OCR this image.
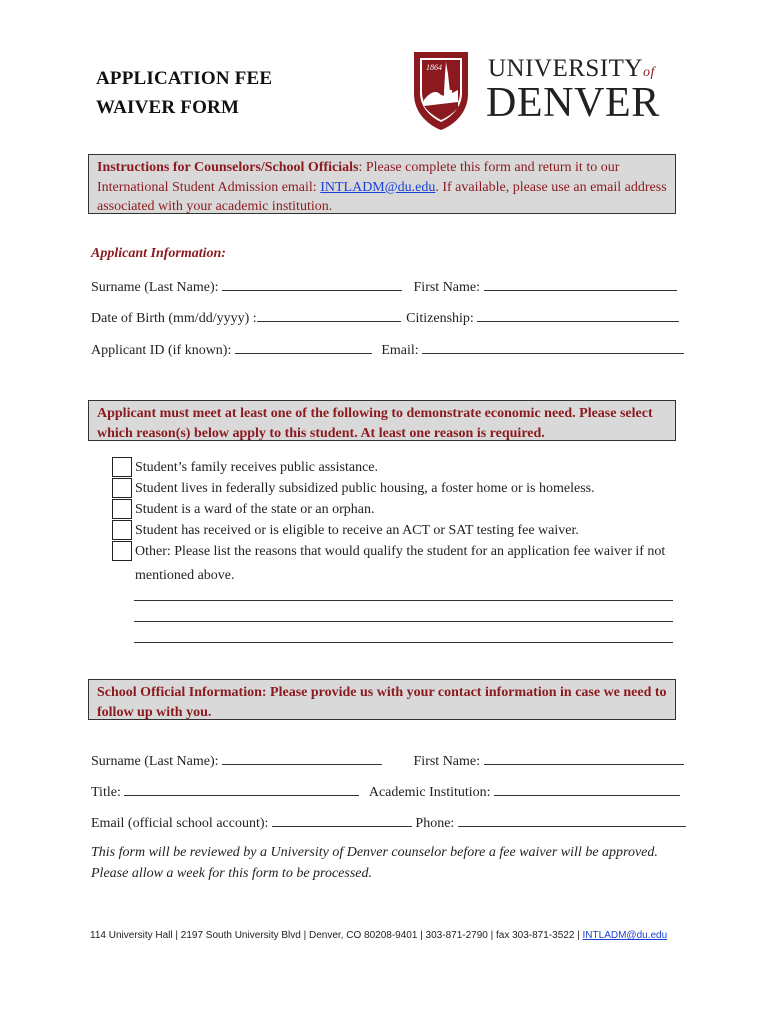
APPLICATION FEE
WAIVER FORM
1864 UNIVERSITYof
DENVER
Instructions for Counselors/School Officials: Please complete this form and return it to our International Student Admission email: INTLADM@du.edu. If available, please use an email address associated with your academic institution.
Applicant Information:
Surname (Last Name):	First Name:
Date of Birth (mm/dd/yyyy) :	Citizenship:
Applicant ID (if known):	Email:
Applicant must meet at least one of the following to demonstrate economic need. Please select which reason(s) below apply to this student. At least one reason is required.
Student’s family receives public assistance.
Student lives in federally subsidized public housing, a foster home or is homeless.
Student is a ward of the state or an orphan.
Student has received or is eligible to receive an ACT or SAT testing fee waiver.
Other: Please list the reasons that would qualify the student for an application fee waiver if not
mentioned above.
School Official Information: Please provide us with your contact information in case we need to follow up with you.
Surname (Last Name):	First Name:
Title:	Academic Institution:
Email (official school account):	Phone:
This form will be reviewed by a University of Denver counselor before a fee waiver will be approved.
Please allow a week for this form to be processed.
114 University Hall | 2197 South University Blvd | Denver, CO 80208-9401 | 303-871-2790 | fax 303-871-3522 | INTLADM@du.edu
